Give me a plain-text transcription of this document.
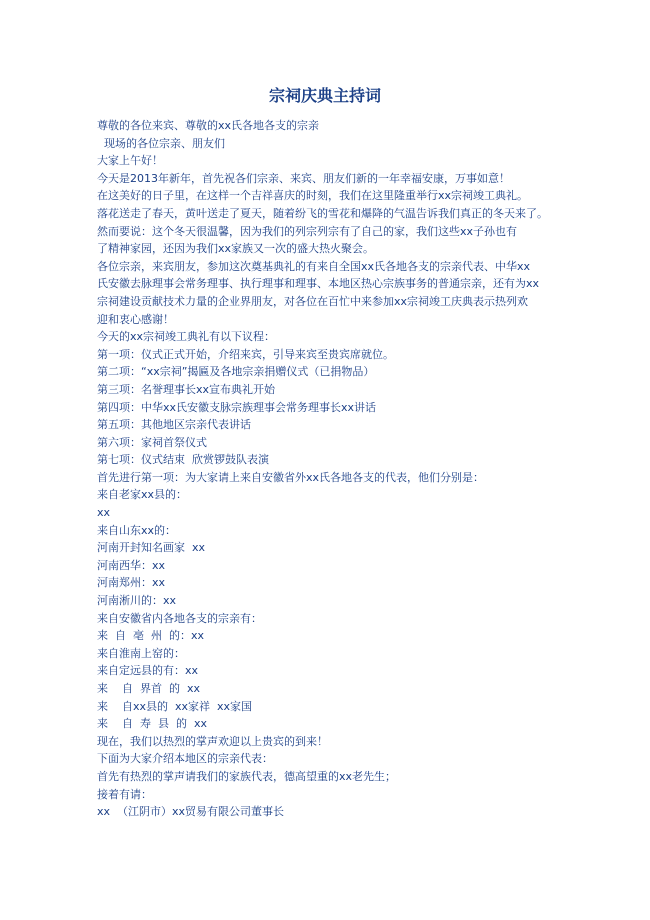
宗祠庆典主持词
尊敬的各位来宾、尊敬的xx氏各地各支的宗亲
现场的各位宗亲、朋友们
大家上午好！
今天是2013年新年，首先祝各们宗亲、来宾、朋友们新的一年幸福安康，万事如意！
在这美好的日子里，在这样一个吉祥喜庆的时刻，我们在这里隆重举行xx宗祠竣工典礼。
落花送走了春天，黄叶送走了夏天，随着纷飞的雪花和爆降的气温告诉我们真正的冬天来了。
然而要说：这个冬天很温馨，因为我们的列宗列宗有了自己的家，我们这些xx子孙也有
了精神家园，还因为我们xx家族又一次的盛大热火聚会。
各位宗亲，来宾朋友，参加这次奠基典礼的有来自全国xx氏各地各支的宗亲代表、中华xx
氏安徽去脉理事会常务理事、执行理事和理事、本地区热心宗族事务的普通宗亲，还有为xx
宗祠建设贡献技术力量的企业界朋友，对各位在百忙中来参加xx宗祠竣工庆典表示热列欢
迎和衷心感谢！
今天的xx宗祠竣工典礼有以下议程：
第一项：仪式正式开始，介绍来宾，引导来宾至贵宾席就位。
第二项：“xx宗祠”揭匾及各地宗亲捐赠仪式（已捐物品）
第三项：名誉理事长xx宣布典礼开始
第四项：中华xx氏安徽支脉宗族理事会常务理事长xx讲话
第五项：其他地区宗亲代表讲话
第六项：家祠首祭仪式
第七项：仪式结束  欣赏锣鼓队表演
首先进行第一项：为大家请上来自安徽省外xx氏各地各支的代表，他们分别是：
来自老家xx县的：
xx
来自山东xx的：
河南开封知名画家  xx
河南西华：xx
河南郑州：xx
河南淅川的：xx
来自安徽省内各地各支的宗亲有：
来  自  亳  州  的：xx
来自淮南上窑的：
来自定远县的有：xx
来    自  界首  的  xx
来    自xx县的  xx家祥  xx家国
来    自  寿  县  的  xx
现在，我们以热烈的掌声欢迎以上贵宾的到来！
下面为大家介绍本地区的宗亲代表：
首先有热烈的掌声请我们的家族代表，德高望重的xx老先生；
接着有请：
xx  （江阴市）xx贸易有限公司董事长
